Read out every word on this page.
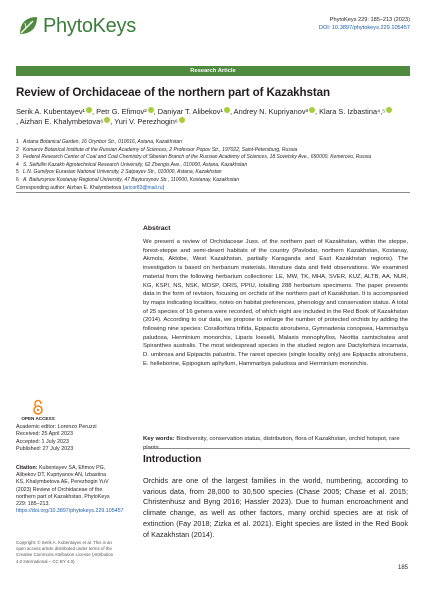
PhytoKeys	PhytoKeys 229: 185–213 (2023)
DOI: 10.3897/phytokeys.229.105457
Research Article
Review of Orchidaceae of the northern part of Kazakhstan
Serik A. Kubentayev¹ , Petr G. Efimov² , Daniyar T. Alibekov¹ , Andrey N. Kupriyanov³ , Klara S. Izbastina⁴,⁵, Aizhan E. Khalymbetova⁶ , Yuri V. Perezhogin⁶
1 Astana Botanical Garden, 16 Orynbor Str., 010016, Astana, Kazakhstan
2 Komarov Botanical Institute of the Russian Academy of Sciences, 2 Professor Popov Str., 197022, Saint-Petersburg, Russia
3 Federal Research Center of Coal and Coal Chemistry of Siberian Branch of the Russian Academy of Sciences, 18 Sovetsky Ave., 650000, Kemerovo, Russia
4 S. Seifullin Kazakh Agrotechnical Research University, 62 Zhengis Ave., 010000, Astana, Kazakhstan
5 L.N. Gumilyov Eurasian National University, 2 Satpayev Str., 010000, Astana, Kazakhstan
6 A. Baitursynov Kostanay Regional University, 47 Baytursynov Str., 110000, Kostanay, Kazakhstan
Corresponding author: Aizhan E. Khalymbetova (aricor83@mail.ru)
Abstract

We present a review of Orchidaceae Juss. of the northern part of Kazakhstan, within the steppe, forest-steppe and semi-desert habitats of the country (Pavlodar, northern Kazakhstan, Kostanay, Akmola, Aktobe, West Kazakhstan, partially Karaganda and East Kazakhstan regions). The investigation is based on herbarium materials, literature data and field observations. We examined material from the following herbarium collections: LE, MW, TK, MHA, SVER, KUZ, ALTB, AA, NUR, KG, KSPI, NS, NSK, MOSP, ORIS, PPIU, totalling 288 herbarium specimens. The paper presents data in the form of revision, focusing on orchids of the northern part of Kazakhstan. It is accompanied by maps indicating localities, notes on habitat preferences, phenology and conservation status. A total of 25 species of 16 genera were recorded, of which eight are included in the Red Book of Kazakhstan (2014). According to our data, we propose to enlarge the number of protected orchids by adding the following nine species: Corallorhiza trifida, Epipactis atrorubens, Gymnadenia conopsea, Hammarbya paludosa, Herminium monorchis, Liparis loeselii, Malaxis monophyllos, Neottia camtschatea and Spiranthes australis. The most widespread species in the studied region are Dactylorhiza incarnata, D. umbrosa and Epipactis palustris. The rarest species (single locality only) are Epipactis atrorubens, E. helleborine, Epipogium aphyllum, Hammarbya paludosa and Herminium monorchis.

Key words: Biodiversity, conservation status, distribution, flora of Kazakhstan, orchid hotspot, rare plants

OPEN ACCESS
Academic editor: Lorenzo Peruzzi
Received: 25 April 2023
Accepted: 1 July 2023
Published: 27 July 2023
Citation: Kubentayev SA, Efimov PG, Alibekov DT, Kupriyanov AN, Izbastina KS, Khalymbetova AE, Perezhogin YuV (2023) Review of Orchidaceae of the northern part of Kazakhstan. PhytoKeys 229: 185–213. https://doi.org/10.3897/phytokeys.229.105457
Copyright: © Serik A. Kubentayev et al. This is an open access article distributed under terms of the Creative Commons Attribution License (Attribution 4.0 International – CC BY 4.0).
Introduction

Orchids are one of the largest families in the world, numbering, according to various data, from 28,000 to 30,500 species (Chase 2005; Chase et al. 2015; Christenhusz and Byng 2016; Hassler 2023). Due to human encroachment and climate change, as well as other factors, many orchid species are at risk of extinction (Fay 2018; Zizka et al. 2021). Eight species are listed in the Red Book of Kazakhstan (2014).

185
